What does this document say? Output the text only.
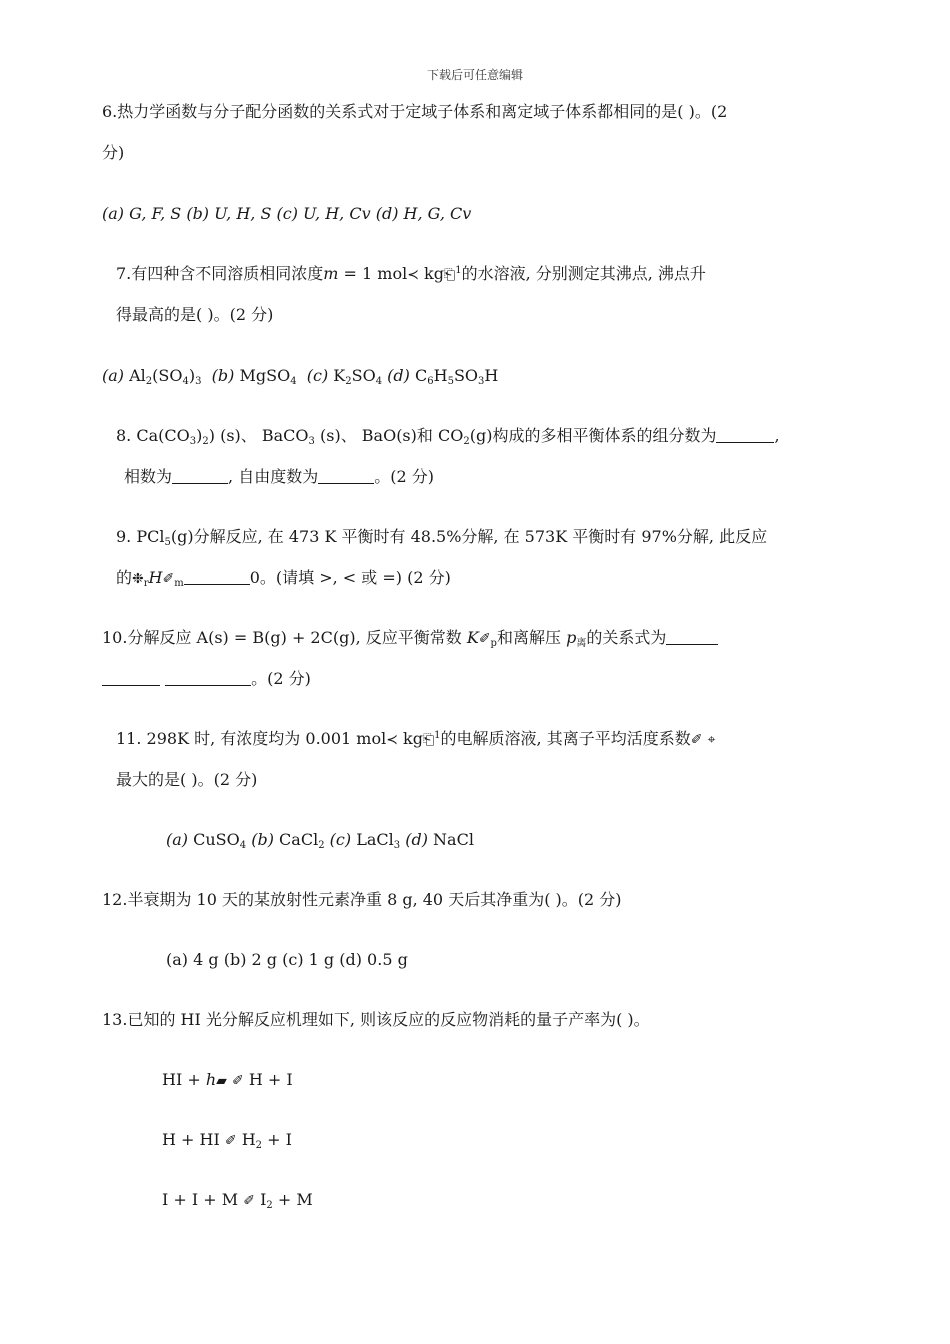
下载后可任意编辑
6.热力学函数与分子配分函数的关系式对于定域子体系和离定域子体系都相同的是( )。(2
分)
(a) G, F, S (b) U, H, S (c) U, H, Cv (d) H, G, Cv
7.有四种含不同溶质相同浓度m = 1 mol≺ kg⎗$^1$的水溶液, 分别测定其沸点, 沸点升
得最高的是( )。(2 分)
(a) $Al_2(SO_4)_3$ (b) MgSO$_4$ (c) $K_2SO_4$ (d) $C_6H_5SO_3H$
8. $Ca(CO_3)_2$) (s)、 BaCO$_3$ (s)、 BaO(s)和 $CO_2(g)$构成的多相平衡体系的组分数为	,
相数为	, 自由度数为	。(2 分)
9. PCl$_5$(g)分解反应, 在 473 K 平衡时有 48.5%分解, 在 573K 平衡时有 97%分解, 此反应
的$❉_rH✐_m$	0。(请填 >, < 或 =) (2 分)
10.分解反应 A(s) = B(g) + 2C(g), 反应平衡常数 $K✐_p$和离解压 $p_离$的关系式为
。(2 分)
11. 298K 时, 有浓度均为 0.001 mol≺ kg⎗$^1$的电解质溶液, 其离子平均活度系数✐ ⌖
最大的是( )。(2 分)
(a) CuSO$_4$ (b) CaCl$_2$ (c) LaCl$_3$ (d) NaCl
12.半衰期为 10 天的某放射性元素净重 8 g, 40 天后其净重为( )。(2 分)
(a) 4 g (b) 2 g (c) 1 g (d) 0.5 g
13.已知的 HI 光分解反应机理如下, 则该反应的反应物消耗的量子产率为( )。
HI + h▰ ✐ H + I
H + HI ✐ $H_2 + I$
I + I + M ✐ $I_2 + M$
